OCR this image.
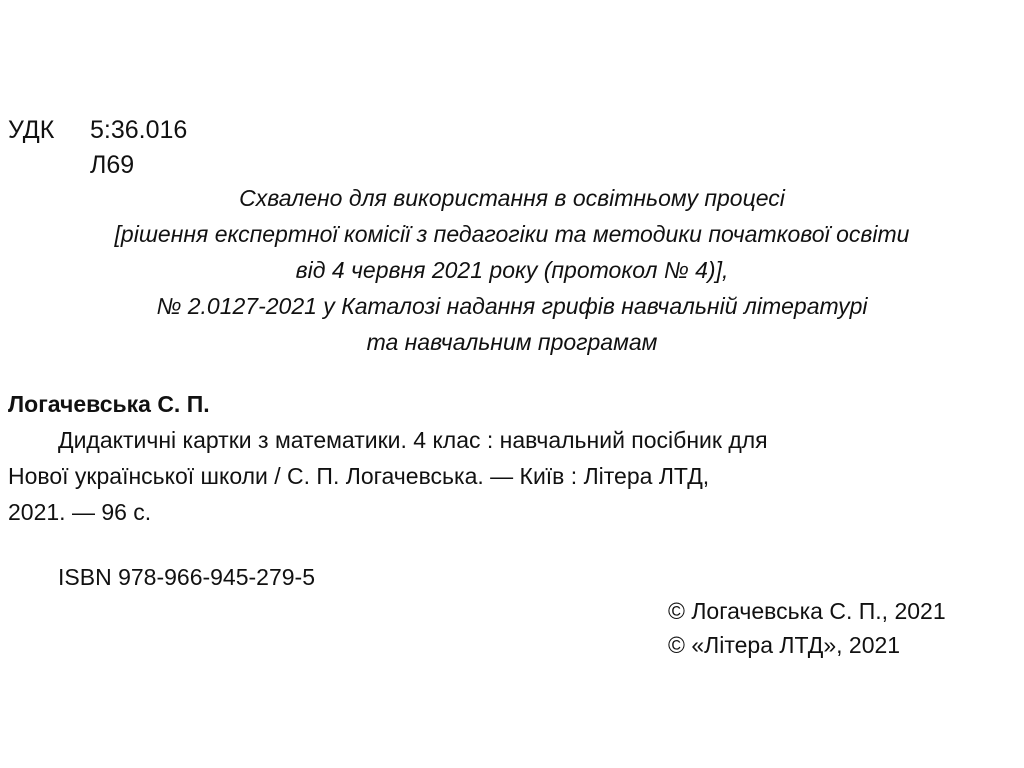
УДК 5:36.016
Л69
Схвалено для використання в освітньому процесі
[рішення експертної комісії з педагогіки та методики початкової освіти
від 4 червня 2021 року (протокол № 4)],
№ 2.0127-2021 у Каталозі надання грифів навчальній літературі
та навчальним програмам
Логачевська С. П.
Дидактичні картки з математики. 4 клас : навчальний посібник для
Нової української школи / С. П. Логачевська. — Київ : Літера ЛТД,
2021. — 96 с.
ISBN 978-966-945-279-5
© Логачевська С. П., 2021
© «Літера ЛТД», 2021
